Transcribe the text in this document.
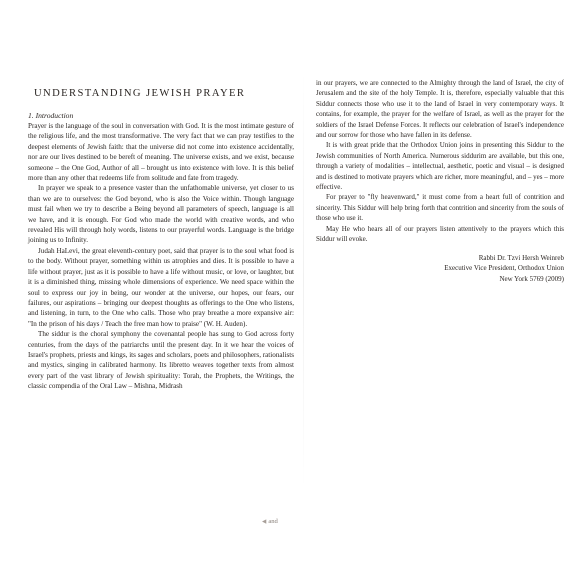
UNDERSTANDING JEWISH PRAYER
1. Introduction

Prayer is the language of the soul in conversation with God. It is the most intimate gesture of the religious life, and the most transformative. The very fact that we can pray testifies to the deepest elements of Jewish faith: that the universe did not come into existence accidentally, nor are our lives destined to be bereft of meaning. The universe exists, and we exist, because someone – the One God, Author of all – brought us into existence with love. It is this belief more than any other that redeems life from solitude and fate from tragedy.

In prayer we speak to a presence vaster than the unfathomable universe, yet closer to us than we are to ourselves: the God beyond, who is also the Voice within. Though language must fail when we try to describe a Being beyond all parameters of speech, language is all we have, and it is enough. For God who made the world with creative words, and who revealed His will through holy words, listens to our prayerful words. Language is the bridge joining us to Infinity.

Judah HaLevi, the great eleventh-century poet, said that prayer is to the soul what food is to the body. Without prayer, something within us atrophies and dies. It is possible to have a life without prayer, just as it is possible to have a life without music, or love, or laughter, but it is a diminished thing, missing whole dimensions of experience. We need space within the soul to express our joy in being, our wonder at the universe, our hopes, our fears, our failures, our aspirations – bringing our deepest thoughts as offerings to the One who listens, and listening, in turn, to the One who calls. Those who pray breathe a more expansive air: "In the prison of his days / Teach the free man how to praise" (W. H. Auden).

The siddur is the choral symphony the covenantal people has sung to God across forty centuries, from the days of the patriarchs until the present day. In it we hear the voices of Israel's prophets, priests and kings, its sages and scholars, poets and philosophers, rationalists and mystics, singing in calibrated harmony. Its libretto weaves together texts from almost every part of the vast library of Jewish spirituality: Torah, the Prophets, the Writings, the classic compendia of the Oral Law – Mishna, Midrash

◀ and

in our prayers, we are connected to the Almighty through the land of Israel, the city of Jerusalem and the site of the holy Temple. It is, therefore, especially valuable that this Siddur connects those who use it to the land of Israel in very contemporary ways. It contains, for example, the prayer for the welfare of Israel, as well as the prayer for the soldiers of the Israel Defense Forces. It reflects our celebration of Israel's independence and our sorrow for those who have fallen in its defense.

It is with great pride that the Orthodox Union joins in presenting this Siddur to the Jewish communities of North America. Numerous siddurim are available, but this one, through a variety of modalities – intellectual, aesthetic, poetic and visual – is designed and is destined to motivate prayers which are richer, more meaningful, and – yes – more effective.

For prayer to "fly heavenward," it must come from a heart full of contrition and sincerity. This Siddur will help bring forth that contrition and sincerity from the souls of those who use it.

May He who hears all of our prayers listen attentively to the prayers which this Siddur will evoke.

Rabbi Dr. Tzvi Hersh Weinreb
Executive Vice President, Orthodox Union
New York 5769 (2009)
